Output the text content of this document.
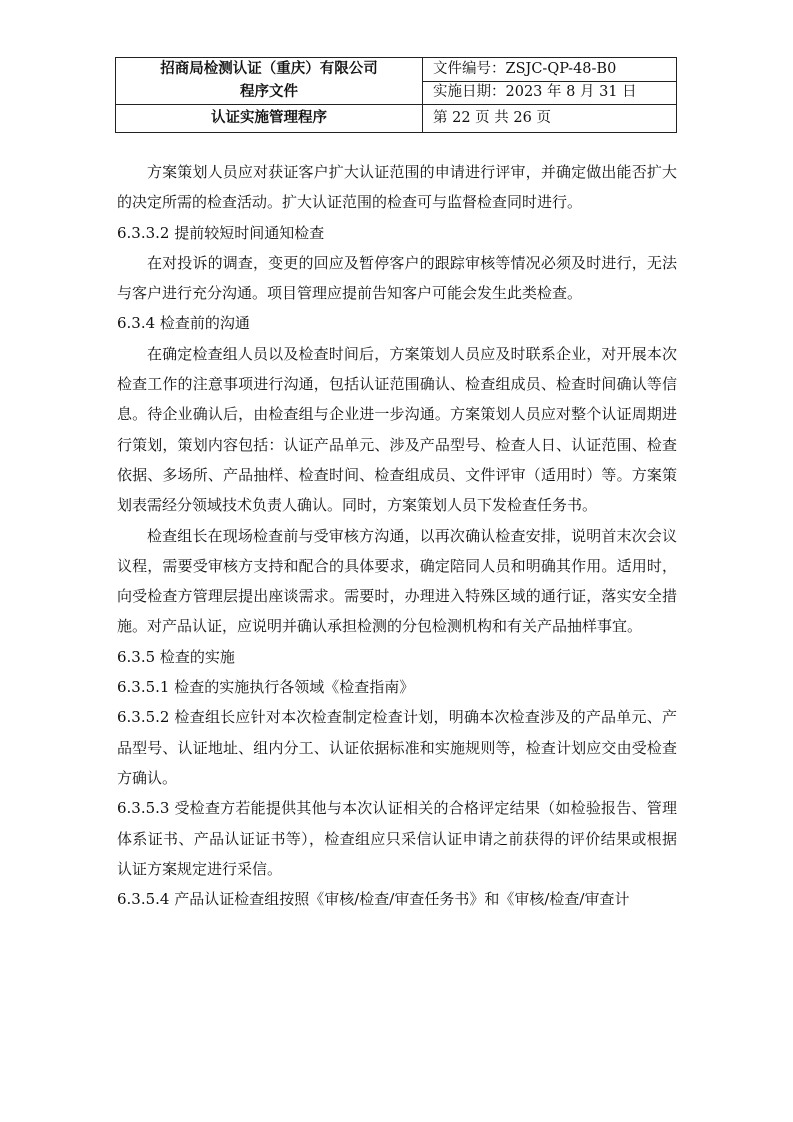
招商局检测认证（重庆）有限公司
程序文件	文件编号：ZSJC-QP-48-B0
	实施日期：2023 年 8 月 31 日
认证实施管理程序	第 22 页 共 26 页

方案策划人员应对获证客户扩大认证范围的申请进行评审，并确定做出能否扩大的决定所需的检查活动。扩大认证范围的检查可与监督检查同时进行。

6.3.3.2 提前较短时间通知检查

在对投诉的调查，变更的回应及暂停客户的跟踪审核等情况必须及时进行，无法与客户进行充分沟通。项目管理应提前告知客户可能会发生此类检查。

6.3.4 检查前的沟通

在确定检查组人员以及检查时间后，方案策划人员应及时联系企业，对开展本次检查工作的注意事项进行沟通，包括认证范围确认、检查组成员、检查时间确认等信息。待企业确认后，由检查组与企业进一步沟通。方案策划人员应对整个认证周期进行策划，策划内容包括：认证产品单元、涉及产品型号、检查人日、认证范围、检查依据、多场所、产品抽样、检查时间、检查组成员、文件评审（适用时）等。方案策划表需经分领域技术负责人确认。同时，方案策划人员下发检查任务书。

检查组长在现场检查前与受审核方沟通，以再次确认检查安排，说明首末次会议议程，需要受审核方支持和配合的具体要求，确定陪同人员和明确其作用。适用时，向受检查方管理层提出座谈需求。需要时，办理进入特殊区域的通行证，落实安全措施。对产品认证，应说明并确认承担检测的分包检测机构和有关产品抽样事宜。

6.3.5 检查的实施

6.3.5.1 检查的实施执行各领域《检查指南》

6.3.5.2 检查组长应针对本次检查制定检查计划，明确本次检查涉及的产品单元、产品型号、认证地址、组内分工、认证依据标准和实施规则等，检查计划应交由受检查方确认。

6.3.5.3 受检查方若能提供其他与本次认证相关的合格评定结果（如检验报告、管理体系证书、产品认证证书等），检查组应只采信认证申请之前获得的评价结果或根据认证方案规定进行采信。

6.3.5.4 产品认证检查组按照《审核/检查/审查任务书》和《审核/检查/审查计
